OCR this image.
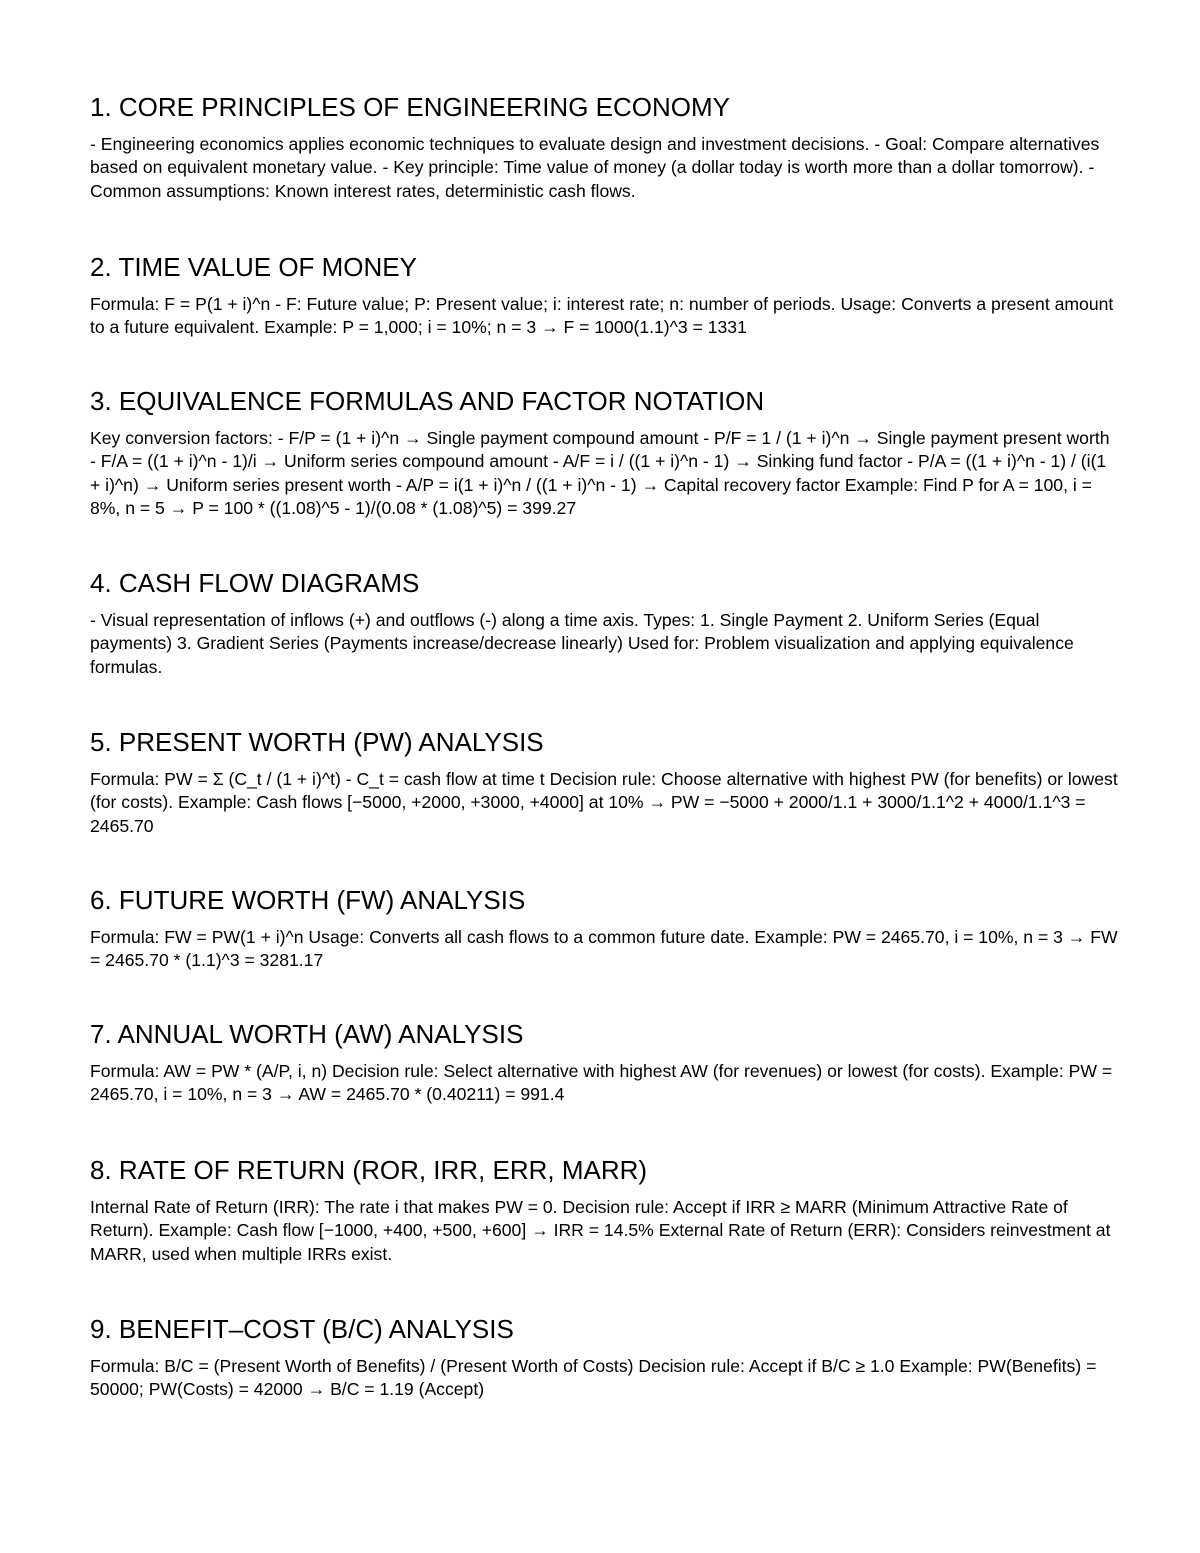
1. CORE PRINCIPLES OF ENGINEERING ECONOMY

- Engineering economics applies economic techniques to evaluate design and investment decisions. - Goal: Compare alternatives based on equivalent monetary value. - Key principle: Time value of money (a dollar today is worth more than a dollar tomorrow). - Common assumptions: Known interest rates, deterministic cash flows.

2. TIME VALUE OF MONEY

Formula: F = P(1 + i)^n - F: Future value; P: Present value; i: interest rate; n: number of periods. Usage: Converts a present amount to a future equivalent. Example: P = 1,000; i = 10%; n = 3 → F = 1000(1.1)^3 = 1331

3. EQUIVALENCE FORMULAS AND FACTOR NOTATION

Key conversion factors: - F/P = (1 + i)^n → Single payment compound amount - P/F = 1 / (1 + i)^n → Single payment present worth - F/A = ((1 + i)^n - 1)/i → Uniform series compound amount - A/F = i / ((1 + i)^n - 1) → Sinking fund factor - P/A = ((1 + i)^n - 1) / (i(1 + i)^n) → Uniform series present worth - A/P = i(1 + i)^n / ((1 + i)^n - 1) → Capital recovery factor Example: Find P for A = 100, i = 8%, n = 5 → P = 100 * ((1.08)^5 - 1)/(0.08 * (1.08)^5) = 399.27

4. CASH FLOW DIAGRAMS

- Visual representation of inflows (+) and outflows (-) along a time axis. Types: 1. Single Payment 2. Uniform Series (Equal payments) 3. Gradient Series (Payments increase/decrease linearly) Used for: Problem visualization and applying equivalence formulas.

5. PRESENT WORTH (PW) ANALYSIS

Formula: PW = Σ (C_t / (1 + i)^t) - C_t = cash flow at time t Decision rule: Choose alternative with highest PW (for benefits) or lowest (for costs). Example: Cash flows [−5000, +2000, +3000, +4000] at 10% → PW = −5000 + 2000/1.1 + 3000/1.1^2 + 4000/1.1^3 = 2465.70

6. FUTURE WORTH (FW) ANALYSIS

Formula: FW = PW(1 + i)^n Usage: Converts all cash flows to a common future date. Example: PW = 2465.70, i = 10%, n = 3 → FW = 2465.70 * (1.1)^3 = 3281.17

7. ANNUAL WORTH (AW) ANALYSIS

Formula: AW = PW * (A/P, i, n) Decision rule: Select alternative with highest AW (for revenues) or lowest (for costs). Example: PW = 2465.70, i = 10%, n = 3 → AW = 2465.70 * (0.40211) = 991.4

8. RATE OF RETURN (ROR, IRR, ERR, MARR)

Internal Rate of Return (IRR): The rate i that makes PW = 0. Decision rule: Accept if IRR ≥ MARR (Minimum Attractive Rate of Return). Example: Cash flow [−1000, +400, +500, +600] → IRR = 14.5% External Rate of Return (ERR): Considers reinvestment at MARR, used when multiple IRRs exist.

9. BENEFIT–COST (B/C) ANALYSIS

Formula: B/C = (Present Worth of Benefits) / (Present Worth of Costs) Decision rule: Accept if B/C ≥ 1.0 Example: PW(Benefits) = 50000; PW(Costs) = 42000 → B/C = 1.19 (Accept)
